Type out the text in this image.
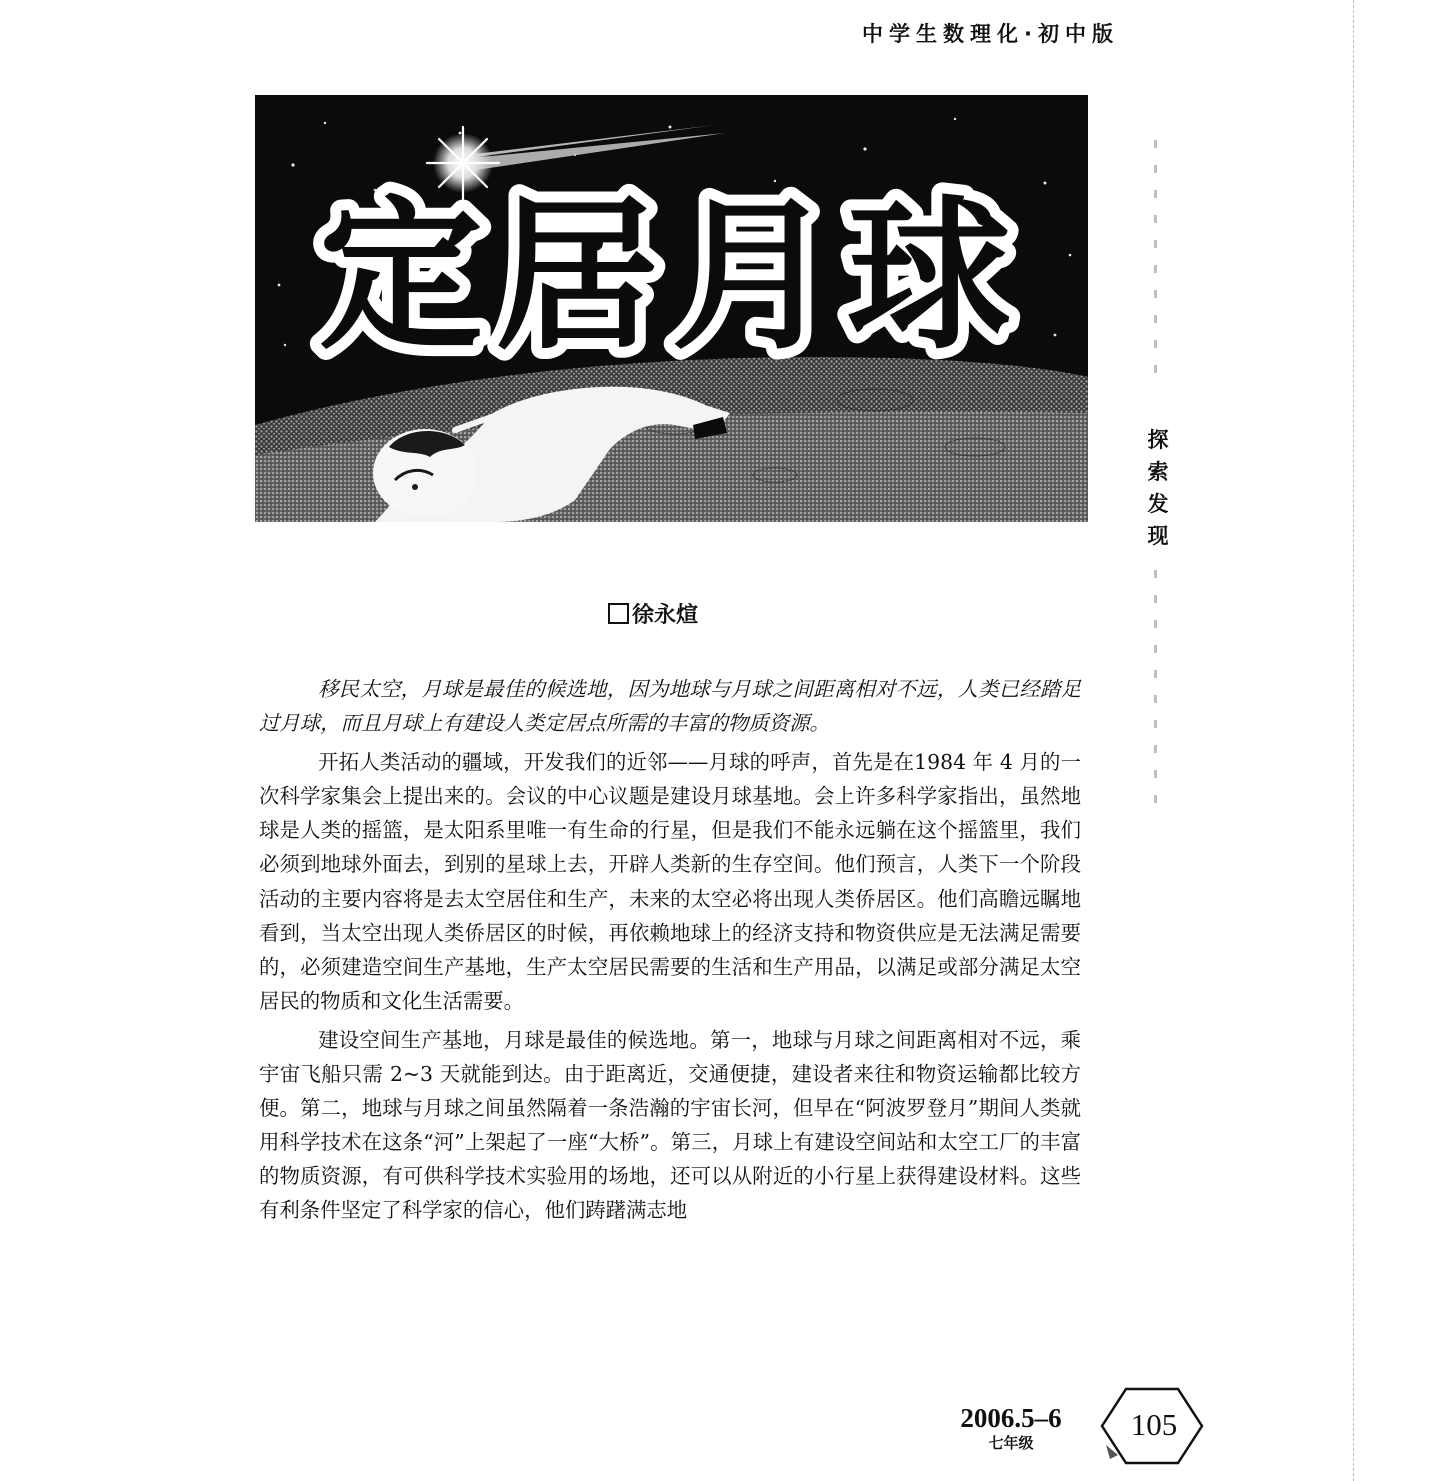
中学生数理化·初中版
定居月球
探
索
发
现
徐永煊

移民太空，月球是最佳的候选地，因为地球与月球之间距离相对不远，人类已经踏足过月球，而且月球上有建设人类定居点所需的丰富的物质资源。

开拓人类活动的疆域，开发我们的近邻——月球的呼声，首先是在1984 年 4 月的一次科学家集会上提出来的。会议的中心议题是建设月球基地。会上许多科学家指出，虽然地球是人类的摇篮，是太阳系里唯一有生命的行星，但是我们不能永远躺在这个摇篮里，我们必须到地球外面去，到别的星球上去，开辟人类新的生存空间。他们预言，人类下一个阶段活动的主要内容将是去太空居住和生产，未来的太空必将出现人类侨居区。他们高瞻远瞩地看到，当太空出现人类侨居区的时候，再依赖地球上的经济支持和物资供应是无法满足需要的，必须建造空间生产基地，生产太空居民需要的生活和生产用品，以满足或部分满足太空居民的物质和文化生活需要。

建设空间生产基地，月球是最佳的候选地。第一，地球与月球之间距离相对不远，乘宇宙飞船只需 2~3 天就能到达。由于距离近，交通便捷，建设者来往和物资运输都比较方便。第二，地球与月球之间虽然隔着一条浩瀚的宇宙长河，但早在“阿波罗登月”期间人类就用科学技术在这条“河”上架起了一座“大桥”。第三，月球上有建设空间站和太空工厂的丰富的物质资源，有可供科学技术实验用的场地，还可以从附近的小行星上获得建设材料。这些有利条件坚定了科学家的信心，他们踌躇满志地

2006.5–6
七年级
105
